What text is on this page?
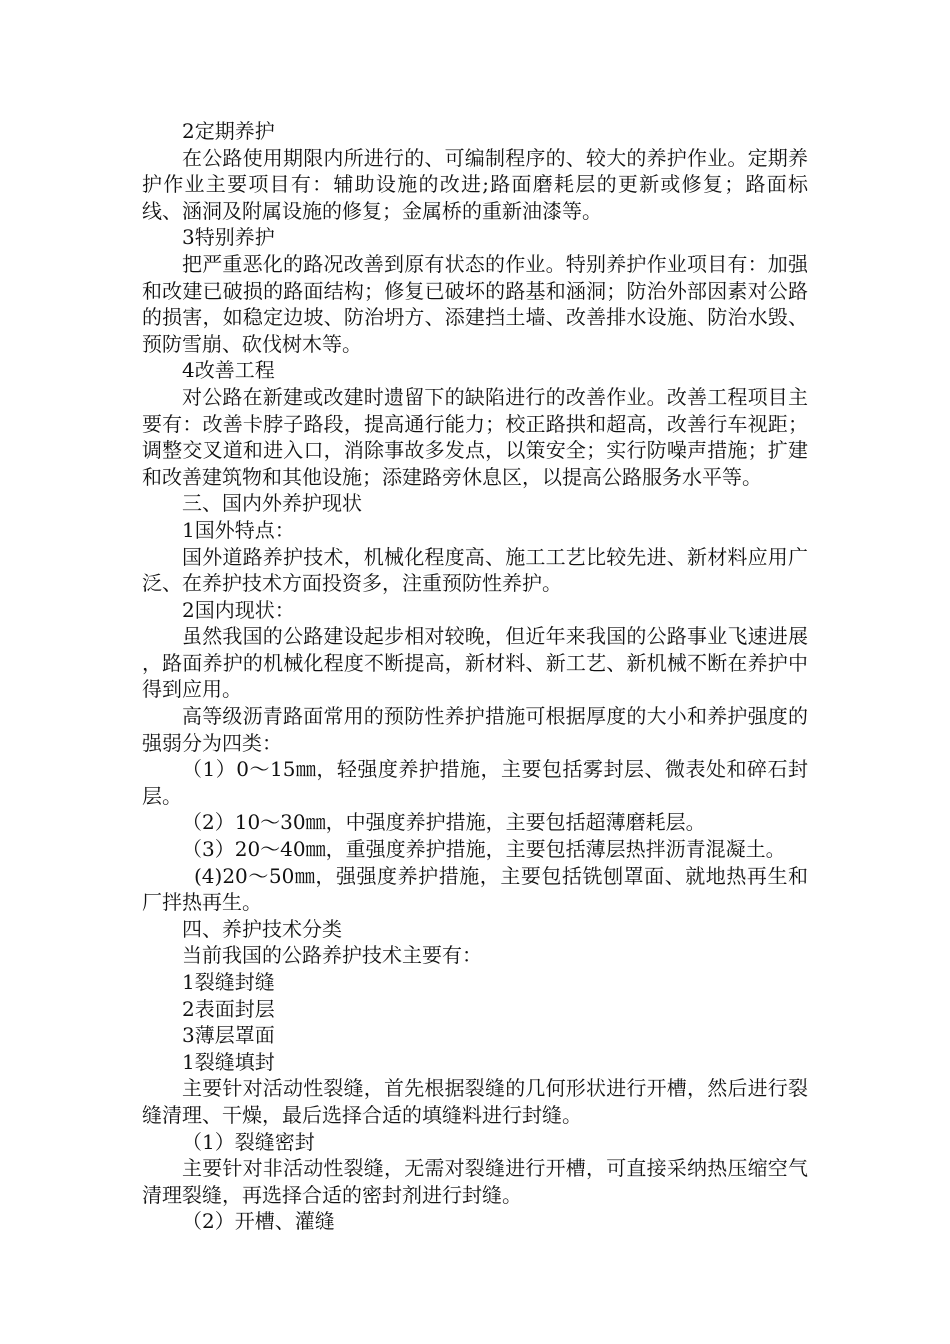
2定期养护

在公路使用期限内所进行的、可编制程序的、较大的养护作业。定期养护作业主要项目有：辅助设施的改进;路面磨耗层的更新或修复；路面标线、涵洞及附属设施的修复；金属桥的重新油漆等。

3特别养护

把严重恶化的路况改善到原有状态的作业。特别养护作业项目有：加强和改建已破损的路面结构；修复已破坏的路基和涵洞；防治外部因素对公路的损害，如稳定边坡、防治坍方、添建挡土墙、改善排水设施、防治水毁、预防雪崩、砍伐树木等。

4改善工程

对公路在新建或改建时遗留下的缺陷进行的改善作业。改善工程项目主要有：改善卡脖子路段，提高通行能力；校正路拱和超高，改善行车视距；调整交叉道和进入口，消除事故多发点，以策安全；实行防噪声措施；扩建和改善建筑物和其他设施；添建路旁休息区，以提高公路服务水平等。

三、国内外养护现状

1国外特点：

国外道路养护技术，机械化程度高、施工工艺比较先进、新材料应用广泛、在养护技术方面投资多，注重预防性养护。

2国内现状：

虽然我国的公路建设起步相对较晚，但近年来我国的公路事业飞速进展 ，路面养护的机械化程度不断提高，新材料、新工艺、新机械不断在养护中得到应用。

高等级沥青路面常用的预防性养护措施可根据厚度的大小和养护强度的强弱分为四类：

（1）0～15㎜，轻强度养护措施，主要包括雾封层、微表处和碎石封层。

（2）10～30㎜，中强度养护措施，主要包括超薄磨耗层。

（3）20～40㎜，重强度养护措施，主要包括薄层热拌沥青混凝土。

(4)20～50㎜，强强度养护措施，主要包括铣刨罩面、就地热再生和厂拌热再生。

四、养护技术分类

当前我国的公路养护技术主要有：

1裂缝封缝

2表面封层

3薄层罩面

1裂缝填封

主要针对活动性裂缝，首先根据裂缝的几何形状进行开槽，然后进行裂缝清理、干燥，最后选择合适的填缝料进行封缝。

（1）裂缝密封

主要针对非活动性裂缝，无需对裂缝进行开槽，可直接采纳热压缩空气清理裂缝，再选择合适的密封剂进行封缝。

（2）开槽、灌缝
